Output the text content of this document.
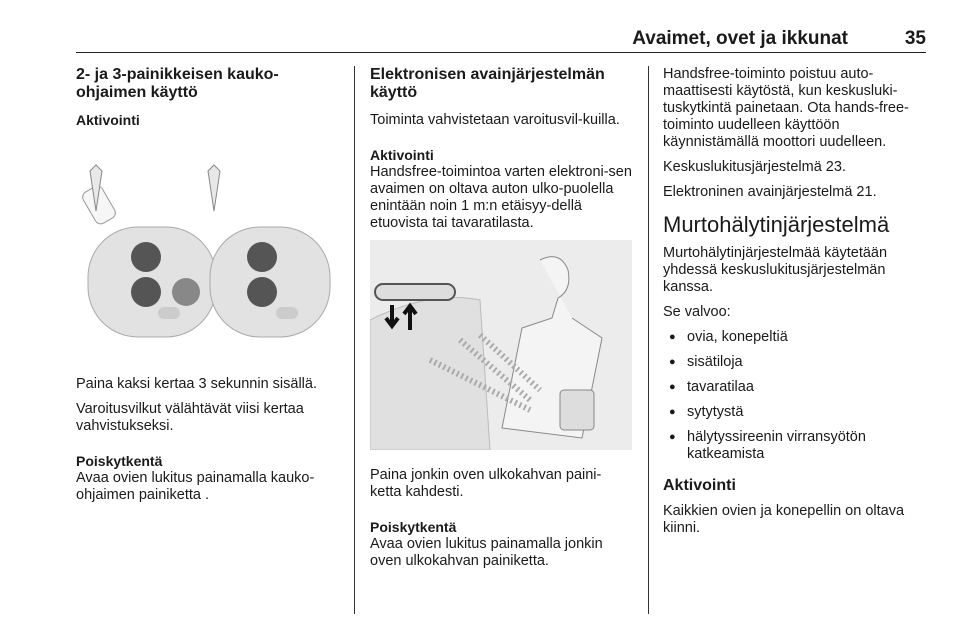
Avaimet, ovet ja ikkunat	35
2- ja 3-painikkeisen kauko-ohjaimen käyttö
Aktivointi

Paina kaksi kertaa 3 sekunnin sisällä.

Varoitusvilkut välähtävät viisi kertaa vahvistukseksi.

Poiskytkentä

Avaa ovien lukitus painamalla kauko-ohjaimen painiketta .

Elektronisen avainjärjestelmän käyttö

Toiminta vahvistetaan varoitusvil-kuilla.

Aktivointi

Handsfree-toimintoa varten elektroni-sen avaimen on oltava auton ulko-puolella enintään noin 1 m:n etäisyy-dellä etuovista tai tavaratilasta.

Paina jonkin oven ulkokahvan paini-ketta kahdesti.

Poiskytkentä

Avaa ovien lukitus painamalla jonkin oven ulkokahvan painiketta.

Handsfree-toiminto poistuu auto-maattisesti käytöstä, kun keskusluki-tuskytkintä painetaan. Ota hands-free-toiminto uudelleen käyttöön käynnistämällä moottori uudelleen.

Keskuslukitusjärjestelmä 23.

Elektroninen avainjärjestelmä 21.

Murtohälytinjärjestelmä

Murtohälytinjärjestelmää käytetään yhdessä keskuslukitusjärjestelmän kanssa.

Se valvoo:

● ovia, konepeltiä
● sisätiloja
● tavaratilaa
● sytytystä
● hälytyssireenin virransyötön katkeamista
Aktivointi

Kaikkien ovien ja konepellin on oltava kiinni.
